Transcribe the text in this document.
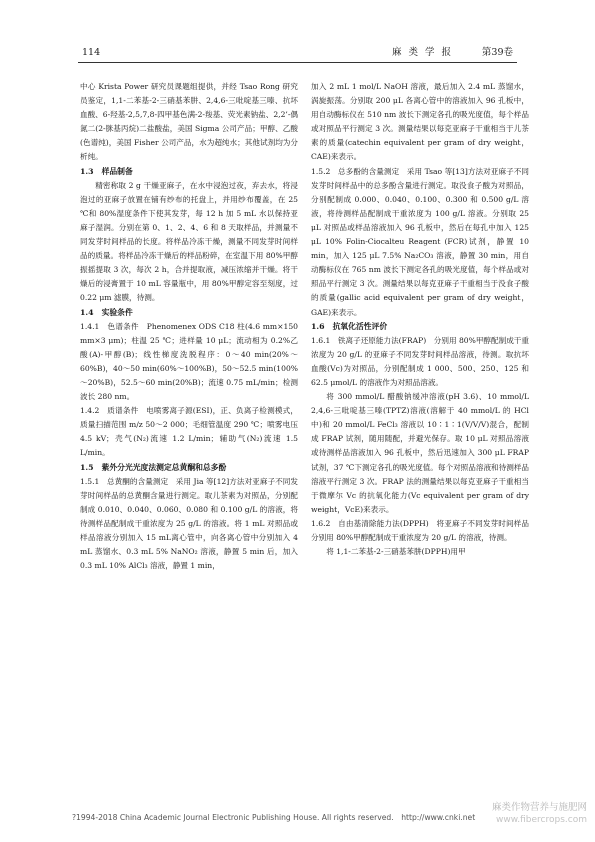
114	麻 类 学 报	第39卷

中心 Krista Power 研究员课题组提供，并经 Tsao Rong 研究员鉴定，1,1-二苯基-2-三硝基苯肼、2,4,6-三吡啶基三嗪、抗坏血酸、6-羟基-2,5,7,8-四甲基色满-2-羧基、荧光素钠盐、2,2’-偶氮二(2-脒基丙烷)二盐酸盐，美国 Sigma 公司产品；甲醇、乙酸(色谱纯)，美国 Fisher 公司产品，水为超纯水；其他试剂均为分析纯。

1.3 样品制备

精密称取 2 g 干燥亚麻子，在水中浸泡过夜，弃去水，将浸泡过的亚麻子放置在铺有纱布的托盘上，并用纱布覆盖，在 25 ℃和 80%湿度条件下使其发芽，每 12 h 加 5 mL 水以保持亚麻子湿润。分别在第 0、1、2、4、6 和 8 天取样品，并测量不同发芽时间样品的长度。将样品冷冻干燥，测量不同发芽时间样品的质量。将样品冷冻干燥后的样品粉碎，在室温下用 80%甲醇振摇提取 3 次，每次 2 h，合并提取液，减压浓缩并干燥。将干燥后的浸膏置于 10 mL 容量瓶中，用 80%甲醇定容至刻度，过 0.22 μm 滤膜，待测。

1.4 实验条件

1.4.1　色谱条件　Phenomenex ODS C18 柱(4.6 mm×150 mm×3 μm)；柱温 25 ℃；进样量 10 μL；流动相为 0.2%乙酸(A)-甲醇(B)；线性梯度洗脱程序：0～40 min(20%～60%B)，40～50 min(60%～100%B)，50～52.5 min(100%～20%B)，52.5～60 min(20%B)；流速 0.75 mL/min；检测波长 280 nm。

1.4.2　质谱条件　电喷雾离子源(ESI)，正、负离子检测模式，质量扫描范围 m/z 50～2 000；毛细管温度 290 ℃；喷雾电压 4.5 kV；壳气(N₂)流速 1.2 L/min；辅助气(N₂)流速 1.5 L/min。

1.5 紫外分光光度法测定总黄酮和总多酚

1.5.1　总黄酮的含量测定　采用 Jia 等[12]方法对亚麻子不同发芽时间样品的总黄酮含量进行测定。取儿茶素为对照品，分别配制成 0.010、0.040、0.060、0.080 和 0.100 g/L 的溶液，将待测样品配制成干重浓度为 25 g/L 的溶液。将 1 mL 对照品或样品溶液分别加入 15 mL离心管中，向各离心管中分别加入 4 mL 蒸馏水、0.3 mL 5% NaNO₂ 溶液，静置 5 min 后，加入 0.3 mL 10% AlCl₃ 溶液，静置 1 min，

加入 2 mL 1 mol/L NaOH 溶液，最后加入 2.4 mL 蒸馏水，涡旋振荡。分别取 200 μL 各离心管中的溶液加入 96 孔板中，用自动酶标仪在 510 nm 波长下测定各孔的吸光度值，每个样品或对照品平行测定 3 次。测量结果以每克亚麻子干重相当于儿茶素的质量(catechin equivalent per gram of dry weight，CAE)来表示。

1.5.2　总多酚的含量测定　采用 Tsao 等[13]方法对亚麻子不同发芽时间样品中的总多酚含量进行测定。取没食子酸为对照品，分别配制成 0.000、0.040、0.100、0.300 和 0.500 g/L 溶液，将待测样品配制成干重浓度为 100 g/L 溶液。分别取 25 μL 对照品或样品溶液加入 96 孔板中，然后在每孔中加入 125 μL 10% Folin-Ciocalteu Reagent (FCR)试剂，静置 10 min，加入 125 μL 7.5% Na₂CO₃ 溶液，静置 30 min，用自动酶标仪在 765 nm 波长下测定各孔的吸光度值，每个样品或对照品平行测定 3 次。测量结果以每克亚麻子干重相当于没食子酸的质量(gallic acid equivalent per gram of dry weight，GAE)来表示。

1.6 抗氧化活性评价

1.6.1　铁离子还原能力法(FRAP)　分别用 80%甲醇配制成干重浓度为 20 g/L 的亚麻子不同发芽时间样品溶液，待测。取抗坏血酸(Vc)为对照品，分别配制成 1 000、500、250、125 和 62.5 μmol/L 的溶液作为对照品溶液。

将 300 mmol/L 醋酸钠缓冲溶液(pH 3.6)、10 mmol/L 2,4,6-三吡啶基三嗪(TPTZ)溶液(溶解于 40 mmol/L 的 HCl 中)和 20 mmol/L FeCl₃ 溶液以 10∶1∶1(V/V/V)混合，配制成 FRAP 试剂，随用随配，并避光保存。取 10 μL 对照品溶液或待测样品溶液加入 96 孔板中，然后迅速加入 300 μL FRAP 试剂，37 ℃下测定各孔的吸光度值。每个对照品溶液和待测样品溶液平行测定 3 次。FRAP 法的测量结果以每克亚麻子干重相当于微摩尔 Vc 的抗氧化能力(Vc equivalent per gram of dry weight，VcE)来表示。

1.6.2　自由基清除能力法(DPPH)　将亚麻子不同发芽时间样品分别用 80%甲醇配制成干重浓度为 20 g/L 的溶液，待测。

将 1,1-二苯基-2-三硝基苯肼(DPPH)用甲

?1994-2018 China Academic Journal Electronic Publishing House. All rights reserved.　http://www.cnki.net
麻类作物营养与施肥网
www.fibercrops.com
